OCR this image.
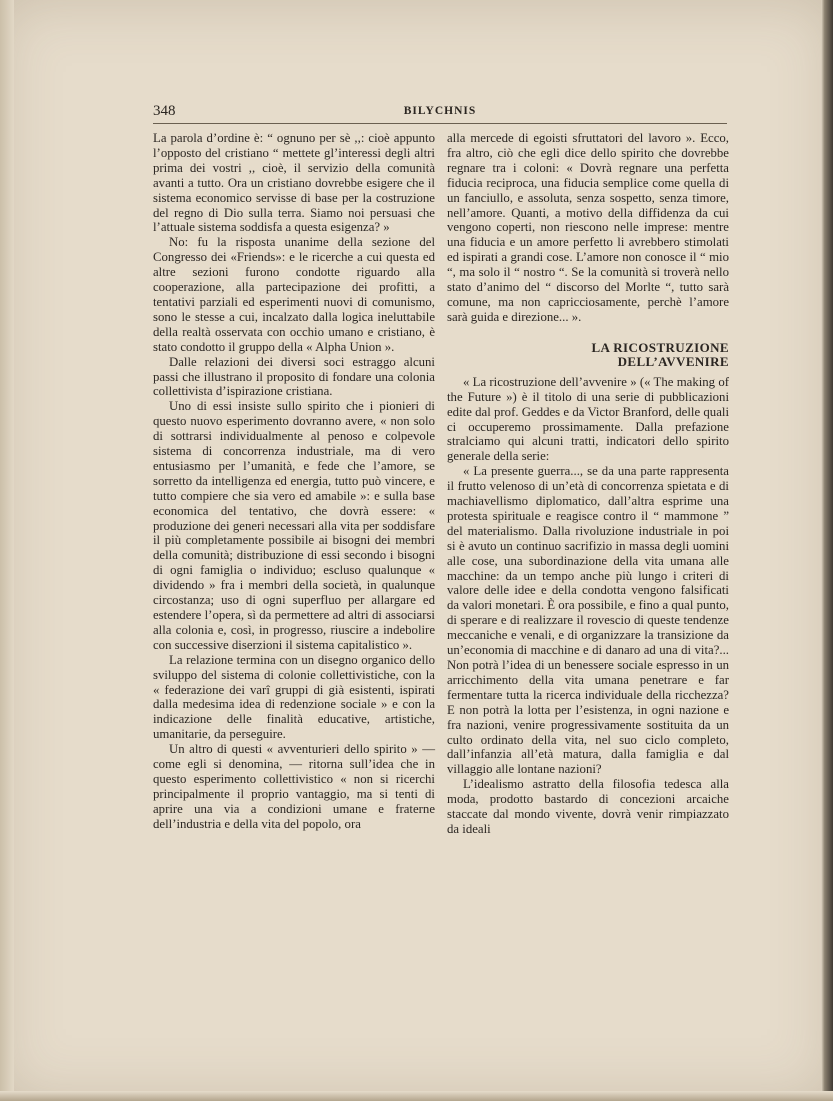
348	BILYCHNIS

La parola d’ordine è: “ ognuno per sè ,,: cioè appunto l’opposto del cristiano “ mettete gl’interessi degli altri prima dei vostri ,, cioè, il servizio della comunità avanti a tutto. Ora un cristiano dovrebbe esigere che il sistema economico servisse di base per la costruzione del regno di Dio sulla terra. Siamo noi persuasi che l’attuale sistema soddisfa a questa esigenza? »

No: fu la risposta unanime della sezione del Congresso dei «Friends»: e le ricerche a cui questa ed altre sezioni furono condotte riguardo alla cooperazione, alla partecipazione dei profitti, a tentativi parziali ed esperimenti nuovi di comunismo, sono le stesse a cui, incalzato dalla logica ineluttabile della realtà osservata con occhio umano e cristiano, è stato condotto il gruppo della « Alpha Union ».

Dalle relazioni dei diversi soci estraggo alcuni passi che illustrano il proposito di fondare una colonia collettivista d’ispirazione cristiana.

Uno di essi insiste sullo spirito che i pionieri di questo nuovo esperimento dovranno avere, « non solo di sottrarsi individualmente al penoso e colpevole sistema di concorrenza industriale, ma di vero entusiasmo per l’umanità, e fede che l’amore, se sorretto da intelligenza ed energia, tutto può vincere, e tutto compiere che sia vero ed amabile »: e sulla base economica del tentativo, che dovrà essere: « produzione dei generi necessari alla vita per soddisfare il più completamente possibile ai bisogni dei membri della comunità; distribuzione di essi secondo i bisogni di ogni famiglia o individuo; escluso qualunque « dividendo » fra i membri della società, in qualunque circostanza; uso di ogni superfluo per allargare ed estendere l’opera, sì da permettere ad altri di associarsi alla colonia e, così, in progresso, riuscire a indebolire con successive diserzioni il sistema capitalistico ».

La relazione termina con un disegno organico dello sviluppo del sistema di colonie collettivistiche, con la « federazione dei varî gruppi di già esistenti, ispirati dalla medesima idea di redenzione sociale » e con la indicazione delle finalità educative, artistiche, umanitarie, da perseguire.

Un altro di questi « avventurieri dello spirito » — come egli si denomina, — ritorna sull’idea che in questo esperimento collettivistico « non si ricerchi principalmente il proprio vantaggio, ma si tenti di aprire una via a condizioni umane e fraterne dell’industria e della vita del popolo, ora

alla mercede di egoisti sfruttatori del lavoro ». Ecco, fra altro, ciò che egli dice dello spirito che dovrebbe regnare tra i coloni: « Dovrà regnare una perfetta fiducia reciproca, una fiducia semplice come quella di un fanciullo, e assoluta, senza sospetto, senza timore, nell’amore. Quanti, a motivo della diffidenza da cui vengono coperti, non riescono nelle imprese: mentre una fiducia e un amore perfetto li avrebbero stimolati ed ispirati a grandi cose. L’amore non conosce il “ mio “, ma solo il “ nostro “. Se la comunità si troverà nello stato d’animo del “ discorso del Morlte “, tutto sarà comune, ma non capricciosamente, perchè l’amore sarà guida e direzione... ».

LA RICOSTRUZIONE
DELL’AVVENIRE

« La ricostruzione dell’avvenire » (« The making of the Future ») è il titolo di una serie di pubblicazioni edite dal prof. Geddes e da Victor Branford, delle quali ci occuperemo prossimamente. Dalla prefazione stralciamo qui alcuni tratti, indicatori dello spirito generale della serie:

« La presente guerra..., se da una parte rappresenta il frutto velenoso di un’età di concorrenza spietata e di machiavellismo diplomatico, dall’altra esprime una protesta spirituale e reagisce contro il “ mammone ” del materialismo. Dalla rivoluzione industriale in poi si è avuto un continuo sacrifizio in massa degli uomini alle cose, una subordinazione della vita umana alle macchine: da un tempo anche più lungo i criteri di valore delle idee e della condotta vengono falsificati da valori monetari. È ora possibile, e fino a qual punto, di sperare e di realizzare il rovescio di queste tendenze meccaniche e venali, e di organizzare la transizione da un’economia di macchine e di danaro ad una di vita?... Non potrà l’idea di un benessere sociale espresso in un arricchimento della vita umana penetrare e far fermentare tutta la ricerca individuale della ricchezza? E non potrà la lotta per l’esistenza, in ogni nazione e fra nazioni, venire progressivamente sostituita da un culto ordinato della vita, nel suo ciclo completo, dall’infanzia all’età matura, dalla famiglia e dal villaggio alle lontane nazioni?

L’idealismo astratto della filosofia tedesca alla moda, prodotto bastardo di concezioni arcaiche staccate dal mondo vivente, dovrà venir rimpiazzato da ideali
